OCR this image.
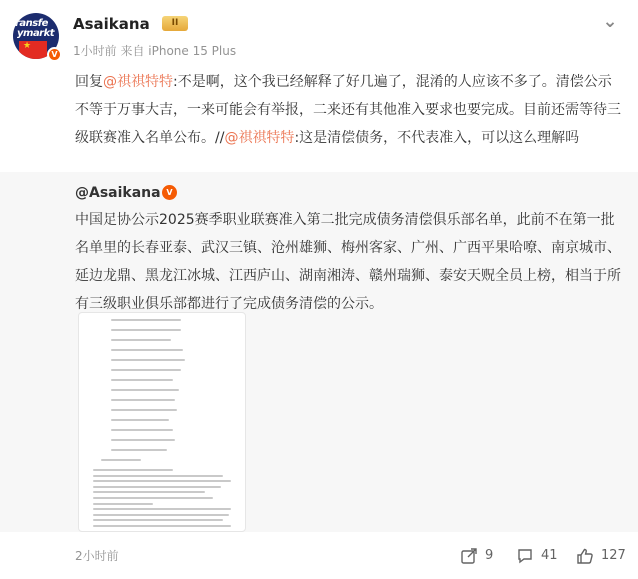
ransfe
ymarkt
★
V
Asaikana	II
1小时前 来自 iPhone 15 Plus
⌄
回复@祺祺特特:不是啊，这个我已经解释了好几遍了，混淆的人应该不多了。清偿公示不等于万事大吉，一来可能会有举报，二来还有其他准入要求也要完成。目前还需等待三级联赛准入名单公布。//@祺祺特特:这是清偿债务，不代表准入，可以这么理解吗
@Asaikana V
中国足协公示2025赛季职业联赛准入第二批完成债务清偿俱乐部名单，此前不在第一批名单里的长春亚泰、武汉三镇、沧州雄狮、梅州客家、广州、广西平果哈嘹、南京城市、延边龙鼎、黑龙江冰城、江西庐山、湖南湘涛、赣州瑞狮、泰安天贶全员上榜，相当于所有三级职业俱乐部都进行了完成债务清偿的公示。
2小时前	9	41	127
